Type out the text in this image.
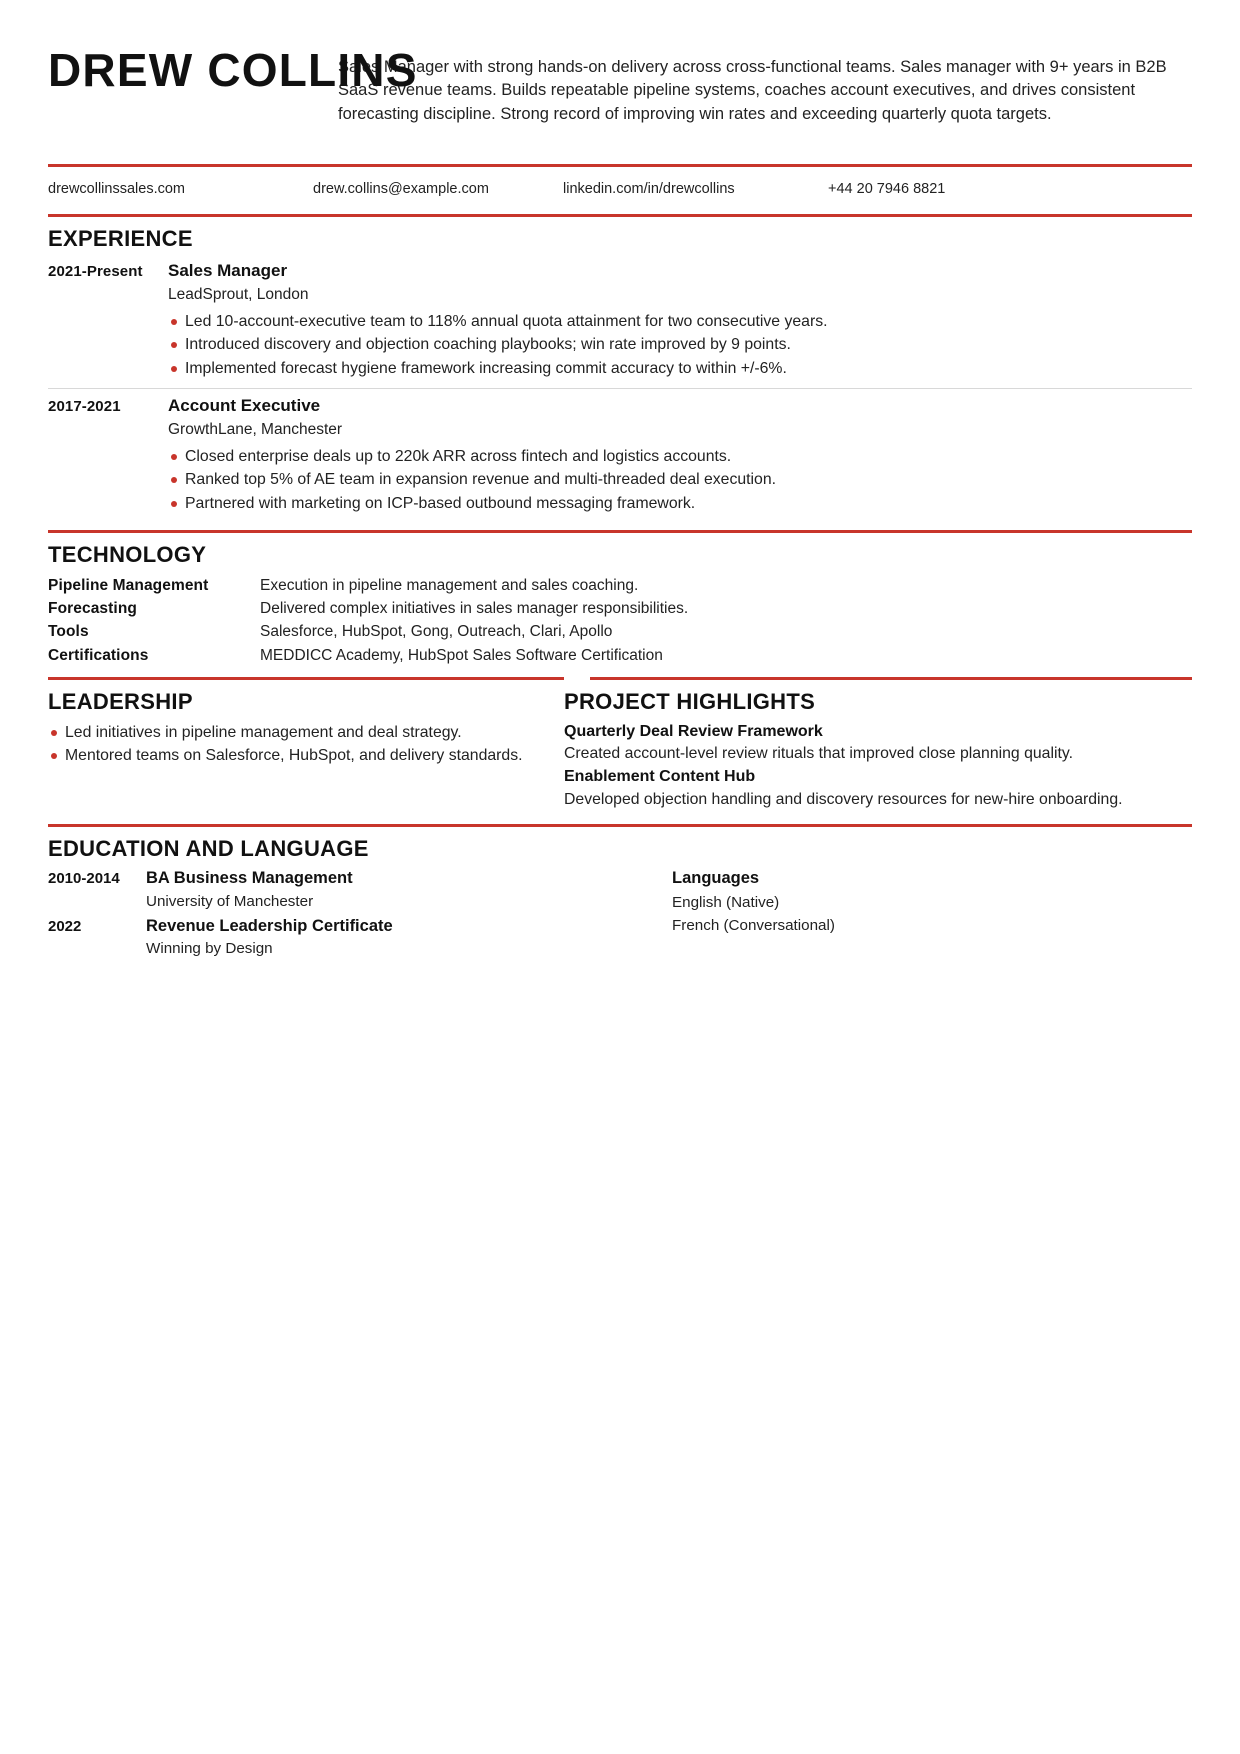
DREW COLLINS
Sales Manager with strong hands-on delivery across cross-functional teams. Sales manager with 9+ years in B2B SaaS revenue teams. Builds repeatable pipeline systems, coaches account executives, and drives consistent forecasting discipline. Strong record of improving win rates and exceeding quarterly quota targets.
drewcollinssales.com	drew.collins@example.com	linkedin.com/in/drewcollins	+44 20 7946 8821
EXPERIENCE
2021-Present	Sales Manager
LeadSprout, London
Led 10-account-executive team to 118% annual quota attainment for two consecutive years.
Introduced discovery and objection coaching playbooks; win rate improved by 9 points.
Implemented forecast hygiene framework increasing commit accuracy to within +/-6%.
2017-2021	Account Executive
GrowthLane, Manchester
Closed enterprise deals up to 220k ARR across fintech and logistics accounts.
Ranked top 5% of AE team in expansion revenue and multi-threaded deal execution.
Partnered with marketing on ICP-based outbound messaging framework.
TECHNOLOGY
Pipeline Management	Execution in pipeline management and sales coaching.
Forecasting	Delivered complex initiatives in sales manager responsibilities.
Tools	Salesforce, HubSpot, Gong, Outreach, Clari, Apollo
Certifications	MEDDICC Academy, HubSpot Sales Software Certification
LEADERSHIP
Led initiatives in pipeline management and deal strategy.
Mentored teams on Salesforce, HubSpot, and delivery standards.
PROJECT HIGHLIGHTS
Quarterly Deal Review Framework
Created account-level review rituals that improved close planning quality.
Enablement Content Hub
Developed objection handling and discovery resources for new-hire onboarding.
EDUCATION AND LANGUAGE
2010-2014	BA Business Management
University of Manchester
2022	Revenue Leadership Certificate
Winning by Design
Languages
English (Native)
French (Conversational)
